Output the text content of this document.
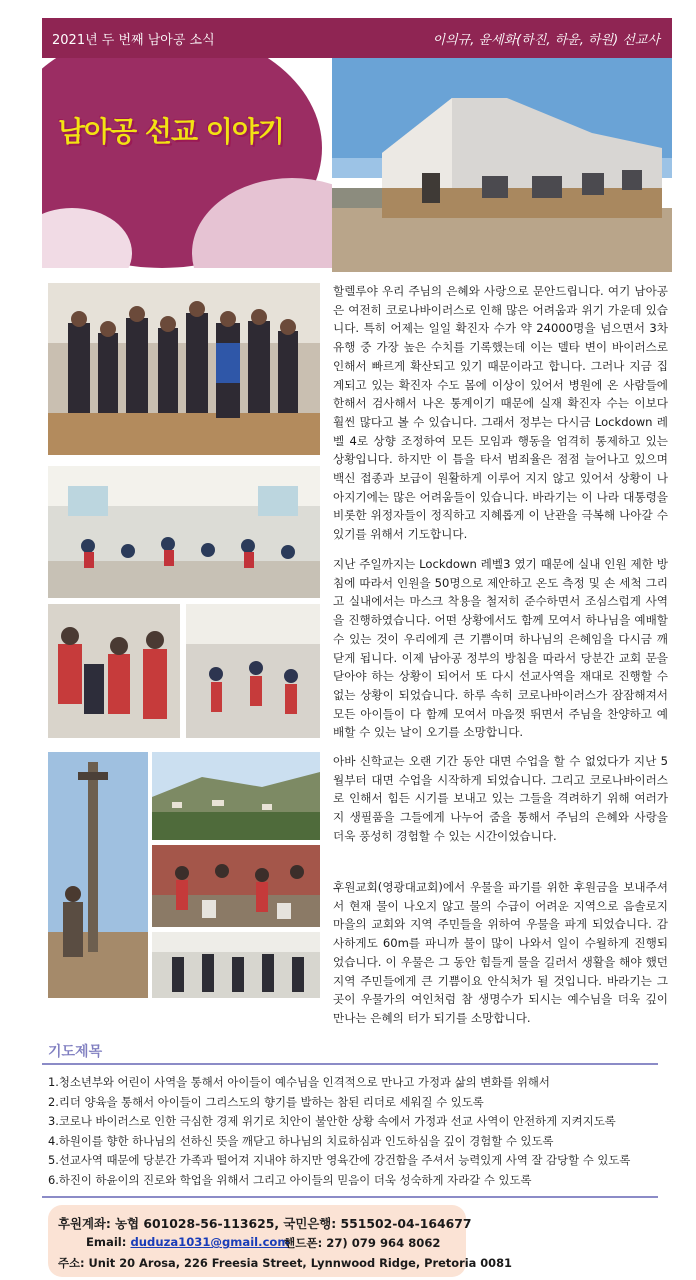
2021년 두 번째 남아공 소식	이의규, 윤세화(하진, 하윤, 하원) 선교사
남아공 선교 이야기

할렐루야 우리 주님의 은혜와 사랑으로 문안드립니다. 여기 남아공은 여전히 코로나바이러스로 인해 많은 어려움과 위기 가운데 있습니다. 특히 어제는 일일 확진자 수가 약 24000명을 넘으면서 3차 유행 중 가장 높은 수치를 기록했는데 이는 델타 변이 바이러스로 인해서 빠르게 확산되고 있기 때문이라고 합니다. 그러나 지금 집계되고 있는 확진자 수도 몸에 이상이 있어서 병원에 온 사람들에 한해서 검사해서 나온 통계이기 때문에 실재 확진자 수는 이보다 훨씬 많다고 볼 수 있습니다. 그래서 정부는 다시금 Lockdown 레벨 4로 상향 조정하여 모든 모임과 행동을 엄격히 통제하고 있는 상황입니다. 하지만 이 틈을 타서 범죄율은 점점 늘어나고 있으며 백신 접종과 보급이 원활하게 이루어 지지 않고 있어서 상황이 나아지기에는 많은 어려움들이 있습니다. 바라기는 이 나라 대통령을 비롯한 위정자들이 정직하고 지혜롭게 이 난관을 극복해 나아갈 수 있기를 위해서 기도합니다.

지난 주일까지는 Lockdown 레벨3 였기 때문에 실내 인원 제한 방침에 따라서 인원을 50명으로 제안하고 온도 측정 및 손 세척 그리고 실내에서는 마스크 착용을 철저히 준수하면서 조심스럽게 사역을 진행하였습니다. 어떤 상황에서도 함께 모여서 하나님을 예배할 수 있는 것이 우리에게 큰 기쁨이며 하나님의 은혜임을 다시금 깨닫게 됩니다. 이제 남아공 정부의 방침을 따라서 당분간 교회 문을 닫아야 하는 상황이 되어서 또 다시 선교사역을 재대로 진행할 수 없는 상황이 되었습니다. 하루 속히 코로나바이러스가 잠잠해져서 모든 아이들이 다 함께 모여서 마음껏 뛰면서 주님을 찬양하고 예배할 수 있는 날이 오기를 소망합니다.

아바 신학교는 오랜 기간 동안 대면 수업을 할 수 없었다가 지난 5월부터 대면 수업을 시작하게 되었습니다. 그리고 코로나바이러스로 인해서 힘든 시기를 보내고 있는 그들을 격려하기 위해 여러가지 생필품을 그들에게 나누어 줌을 통해서 주님의 은혜와 사랑을 더욱 풍성히 경험할 수 있는 시간이었습니다.

후원교회(영광대교회)에서 우물을 파기를 위한 후원금을 보내주셔서 현재 물이 나오지 않고 물의 수급이 어려운 지역으로 음솔로지 마을의 교회와 지역 주민들을 위하여 우물을 파게 되었습니다. 감사하게도 60m를 파니까 물이 많이 나와서 일이 수월하게 진행되었습니다. 이 우물은 그 동안 힘들게 물을 길러서 생활을 해야 했던 지역 주민들에게 큰 기쁨이요 안식처가 될 것입니다. 바라기는 그곳이 우물가의 여인처럼 참 생명수가 되시는 예수님을 더욱 깊이 만나는 은혜의 터가 되기를 소망합니다.

기도제목
1.청소년부와 어린이 사역을 통해서 아이들이 예수님을 인격적으로 만나고 가정과 삶의 변화를 위해서
2.리더 양육을 통해서 아이들이 그리스도의 향기를 발하는 참된 리더로 세워질 수 있도록
3.코로나 바이러스로 인한 극심한 경제 위기로 치안이 불안한 상황 속에서 가정과 선교 사역이 안전하게 지켜지도록
4.하원이를 향한 하나님의 선하신 뜻을 깨닫고 하나님의 치료하심과 인도하심을 깊이 경험할 수 있도록
5.선교사역 때문에 당분간 가족과 떨어져 지내야 하지만 영육간에 강건함을 주셔서 능력있게 사역 잘 감당할 수 있도록
6.하진이 하윤이의 진로와 학업을 위해서 그리고 아이들의 믿음이 더욱 성숙하게 자라갈 수 있도록
후원계좌: 농협 601028-56-113625, 국민은행: 551502-04-164677
Email: duduza1031@gmail.com
핸드폰: 27) 079 964 8062
주소: Unit 20 Arosa, 226 Freesia Street, Lynnwood Ridge, Pretoria 0081
